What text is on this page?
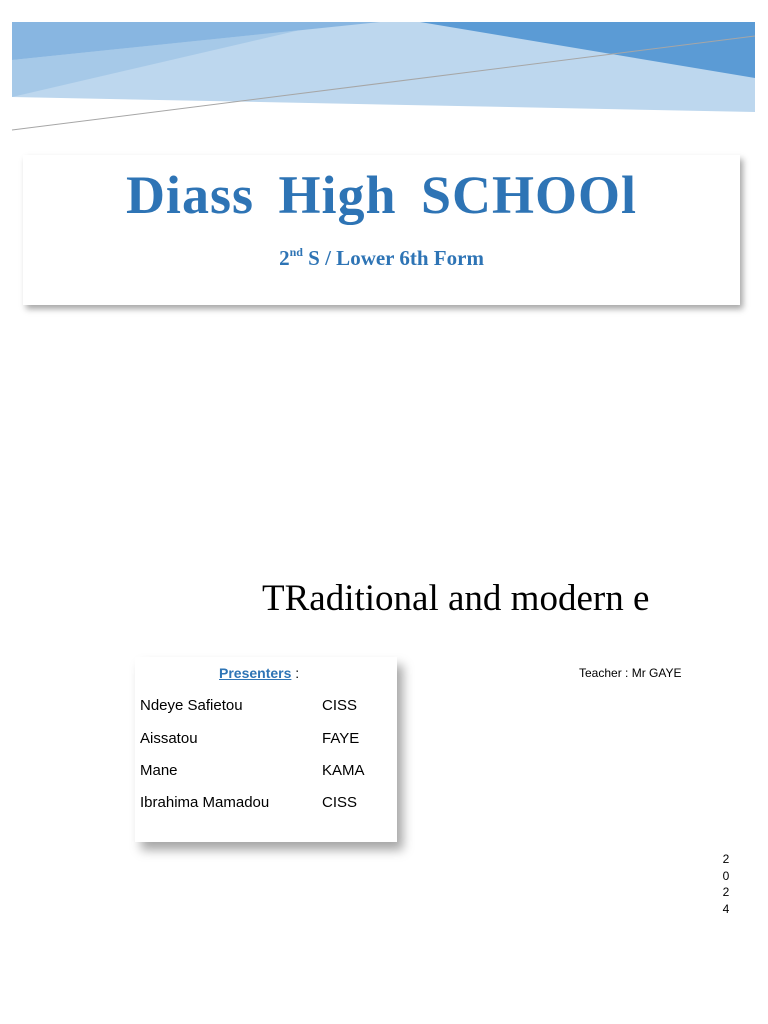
Diass High SCHOOl

2nd S / Lower 6th Form

TRaditional and modern e
Presenters :
Ndeye Safietou	CISS
Aissatou	FAYE
Mane	KAMA
Ibrahima Mamadou	CISS
Teacher : Mr GAYE
2
0
2
4
